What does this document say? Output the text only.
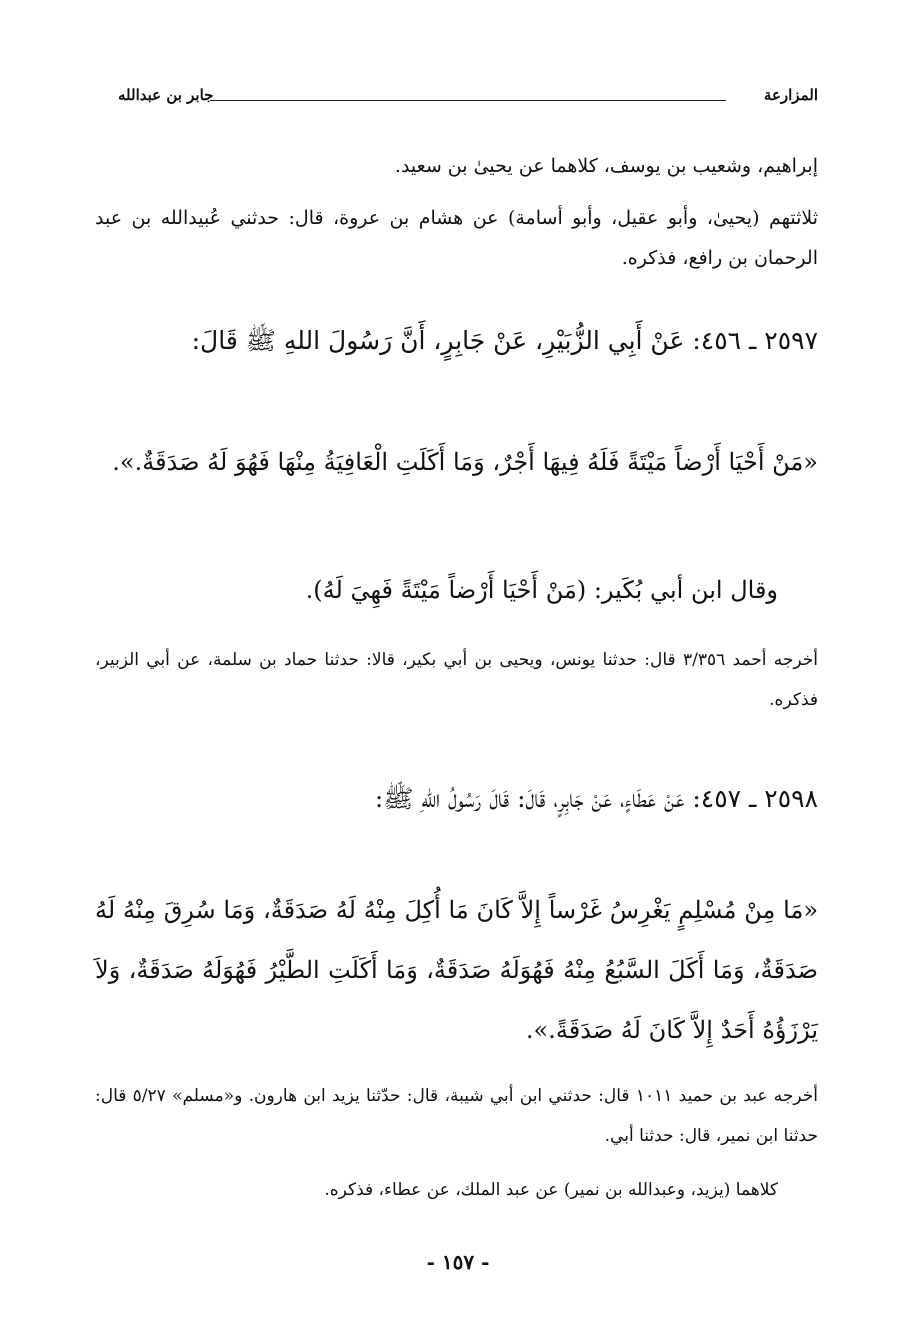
المزارعة
جابر بن عبدالله
إبراهيم، وشعيب بن يوسف، كلاهما عن يحيىٰ بن سعيد.
ثلاثتهم (يحيىٰ، وأبو عقيل، وأبو أسامة) عن هشام بن عروة، قال: حدثني عُبيدالله بن عبد الرحمان بن رافع، فذكره.
٢٥٩٧ ـ ٤٥٦: عَنْ أَبِي الزُّبَيْرِ، عَنْ جَابِرٍ، أَنَّ رَسُولَ اللهِ ﷺ قَالَ:
«مَنْ أَحْيَا أَرْضاً مَيْتَةً فَلَهُ فِيهَا أَجْرٌ، وَمَا أَكَلَتِ الْعَافِيَةُ مِنْهَا فَهُوَ لَهُ صَدَقَةٌ.».
وقال ابن أبي بُكَير: (مَنْ أَحْيَا أَرْضاً مَيْتَةً فَهِيَ لَهُ).
أخرجه أحمد ٣/٣٥٦ قال: حدثنا يونس، ويحيى بن أبي بكير، قالا: حدثنا حماد بن سلمة، عن أبي الزبير، فذكره.
٢٥٩٨ ـ ٤٥٧: عَنْ عَطَاءٍ، عَنْ جَابِرٍ، قَالَ: قَالَ رَسُولُ اللهِ ﷺ:
«مَا مِنْ مُسْلِمٍ يَغْرِسُ غَرْساً إِلاَّ كَانَ مَا أُكِلَ مِنْهُ لَهُ صَدَقَةٌ، وَمَا سُرِقَ مِنْهُ لَهُ صَدَقَةٌ، وَمَا أَكَلَ السَّبُعُ مِنْهُ فَهُوَلَهُ صَدَقَةٌ، وَمَا أَكَلَتِ الطَّيْرُ فَهُوَلَهُ صَدَقَةٌ، وَلاَ يَرْزَؤُهُ أَحَدٌ إِلاَّ كَانَ لَهُ صَدَقَةً.».
أخرجه عبد بن حميد ١٠١١ قال: حدثني ابن أبي شيبة، قال: حدّثنا يزيد ابن هارون. و«مسلم» ٥/٢٧ قال: حدثنا ابن نمير، قال: حدثنا أبي.
كلاهما (يزيد، وعبدالله بن نمير) عن عبد الملك، عن عطاء، فذكره.
- ١٥٧ -
